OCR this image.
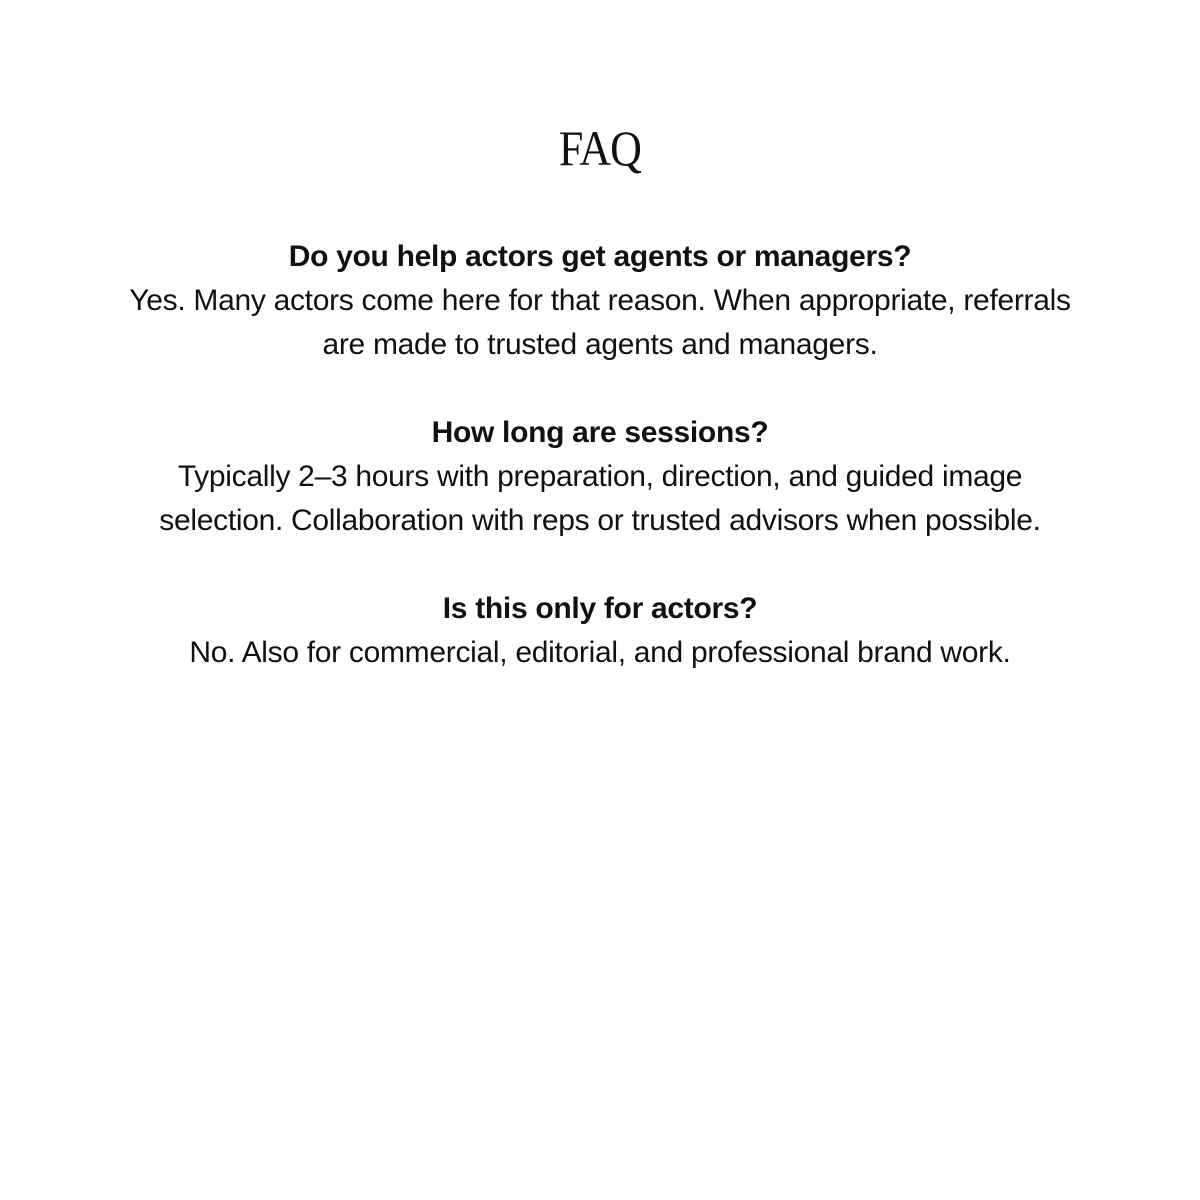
FAQ
Do you help actors get agents or managers?

Yes. Many actors come here for that reason. When appropriate, referrals are made to trusted agents and managers.

How long are sessions?

Typically 2–3 hours with preparation, direction, and guided image selection. Collaboration with reps or trusted advisors when possible.

Is this only for actors?

No. Also for commercial, editorial, and professional brand work.
